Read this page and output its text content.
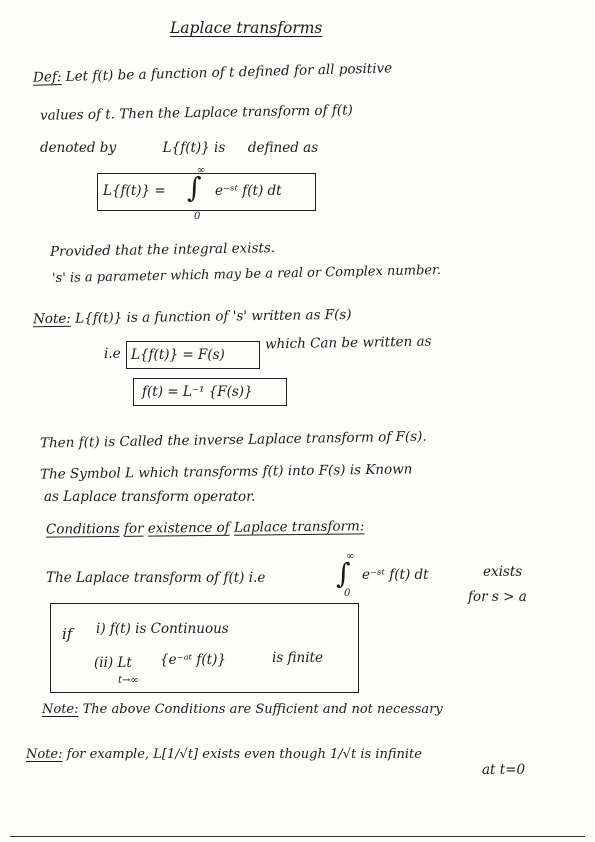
Laplace transforms
Def: Let f(t) be a function of t defined for all positive
values of t. Then the Laplace transform of f(t)
denoted by	L{f(t)} is defined as
L{f(t)} = ∫
∞
0
e⁻ˢᵗ f(t) dt
Provided that the integral exists.
's' is a parameter which may be a real or Complex number.
Note: L{f(t)} is a function of 's' written as F(s)
i.e L{f(t)} = F(s)
which Can be written as
f(t) = L⁻¹ {F(s)}
Then f(t) is Called the inverse Laplace transform of F(s).
The Symbol L which transforms f(t) into F(s) is Known
as Laplace transform operator.
Conditions for existence of Laplace transform:
The Laplace transform of f(t) i.e	∫
∞
0
e⁻ˢᵗ f(t) dt	exists
for s > a
if i) f(t) is Continuous
(ii) Lt
t→∞
{e⁻ᵃᵗ f(t)}	is finite
Note: The above Conditions are Sufficient and not necessary
Note: for example, L[1/√t] exists even though 1/√t is infinite
at t=0
